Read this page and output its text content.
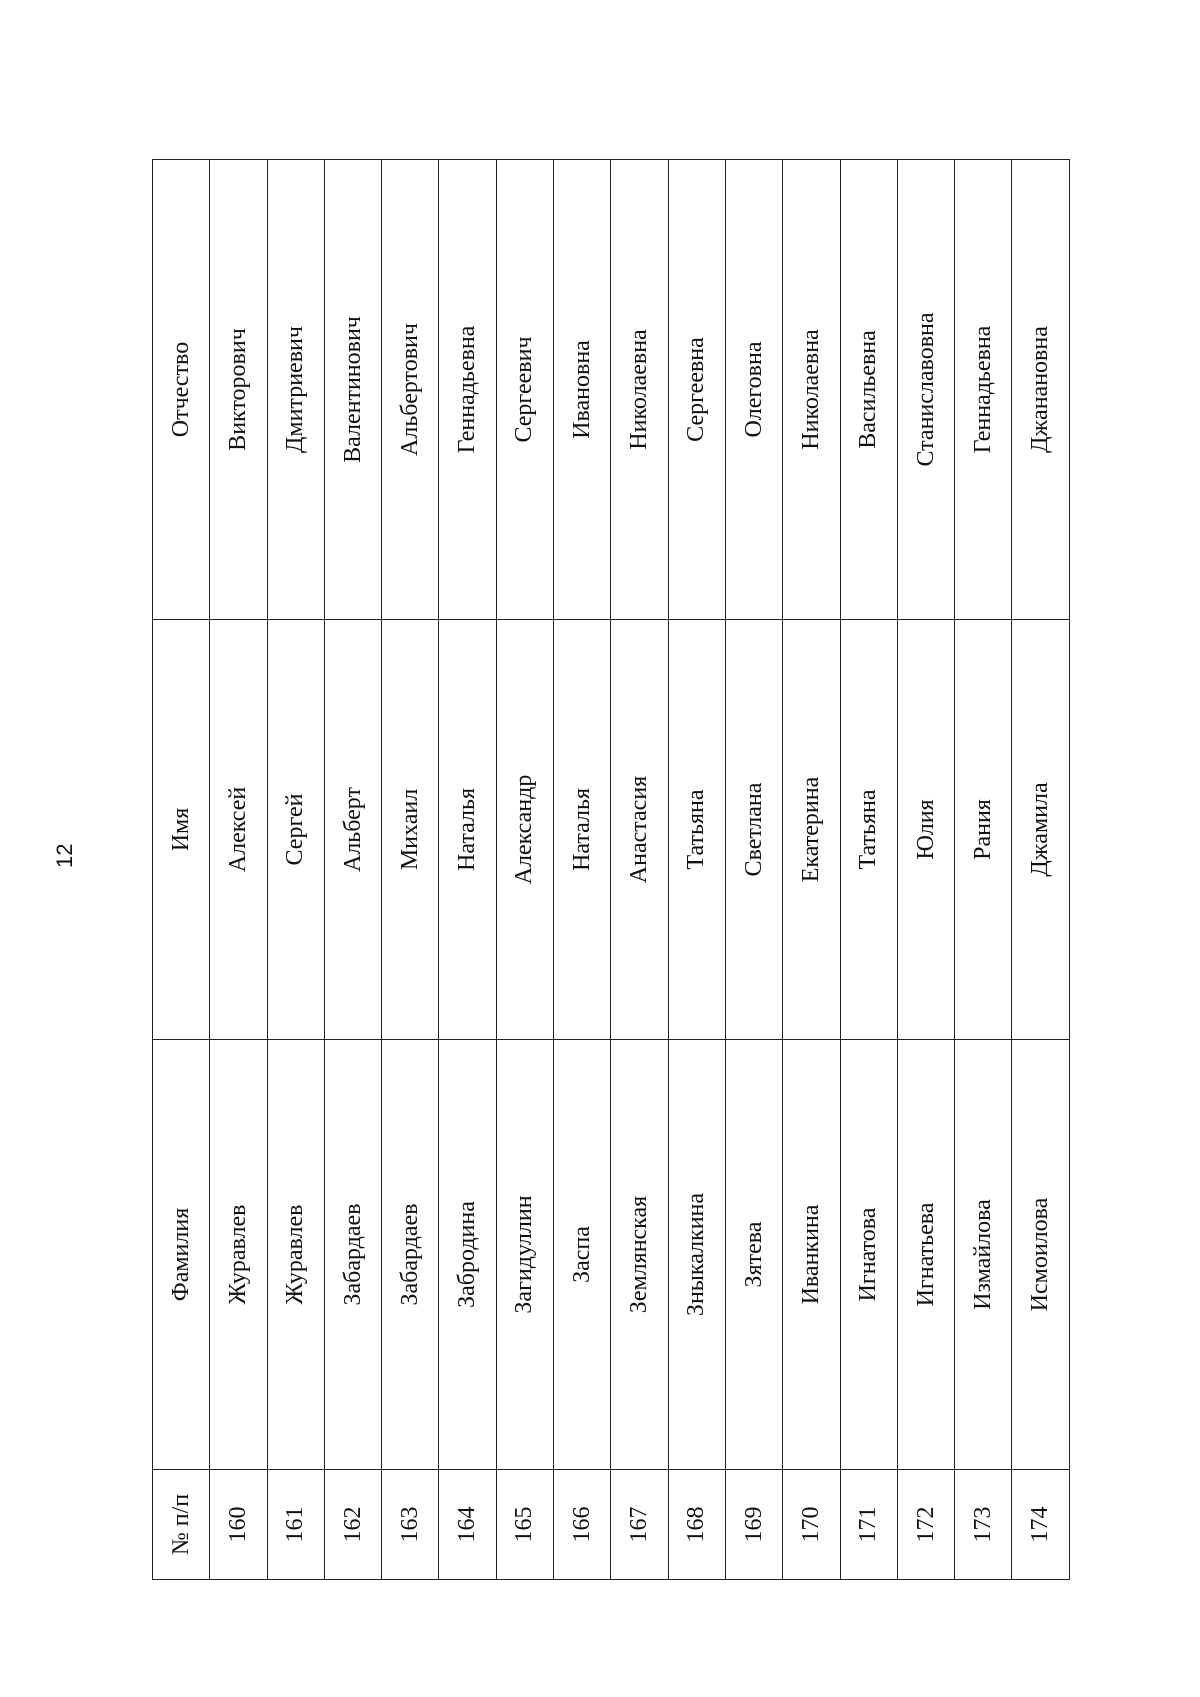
12
№ п/п	Фамилия	Имя	Отчество
160	Журавлев	Алексей	Викторович
161	Журавлев	Сергей	Дмитриевич
162	Забардаев	Альберт	Валентинович
163	Забардаев	Михаил	Альбертович
164	Забродина	Наталья	Геннадьевна
165	Загидуллин	Александр	Сергеевич
166	Заспа	Наталья	Ивановна
167	Землянская	Анастасия	Николаевна
168	Зныкалкина	Татьяна	Сергеевна
169	Зятева	Светлана	Олеговна
170	Иванкина	Екатерина	Николаевна
171	Игнатова	Татьяна	Васильевна
172	Игнатьева	Юлия	Станиславовна
173	Измайлова	Рания	Геннадьевна
174	Исмоилова	Джамила	Джанановна
